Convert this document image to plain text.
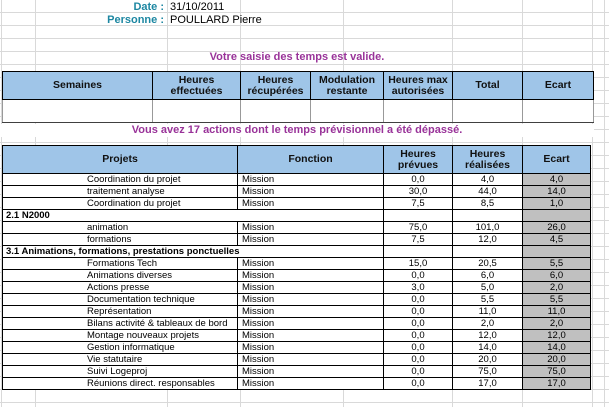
Date : 31/10/2011
Personne : POULLARD Pierre
Votre saisie des temps est valide.
Semaines	Heures effectuées	Heures récupérées	Modulation restante	Heures max autorisées	Total	Ecart

Vous avez 17 actions dont le temps prévisionnel a été dépassé.
Projets	Fonction	Heures prévues	Heures réalisées	Ecart
Coordination du projet	Mission	0,0	4,0	4,0
traitement analyse	Mission	30,0	44,0	14,0
Coordination du projet	Mission	7,5	8,5	1,0
2.1 N2000				
animation	Mission	75,0	101,0	26,0
formations	Mission	7,5	12,0	4,5
3.1 Animations, formations, prestations ponctuelles				
Formations Tech	Mission	15,0	20,5	5,5
Animations diverses	Mission	0,0	6,0	6,0
Actions presse	Mission	3,0	5,0	2,0
Documentation technique	Mission	0,0	5,5	5,5
Représentation	Mission	0,0	11,0	11,0
Bilans activité & tableaux de bord	Mission	0,0	2,0	2,0
Montage nouveaux projets	Mission	0,0	12,0	12,0
Gestion informatique	Mission	0,0	14,0	14,0
Vie statutaire	Mission	0,0	20,0	20,0
Suivi Logeproj	Mission	0,0	75,0	75,0
Réunions direct. responsables	Mission	0,0	17,0	17,0
